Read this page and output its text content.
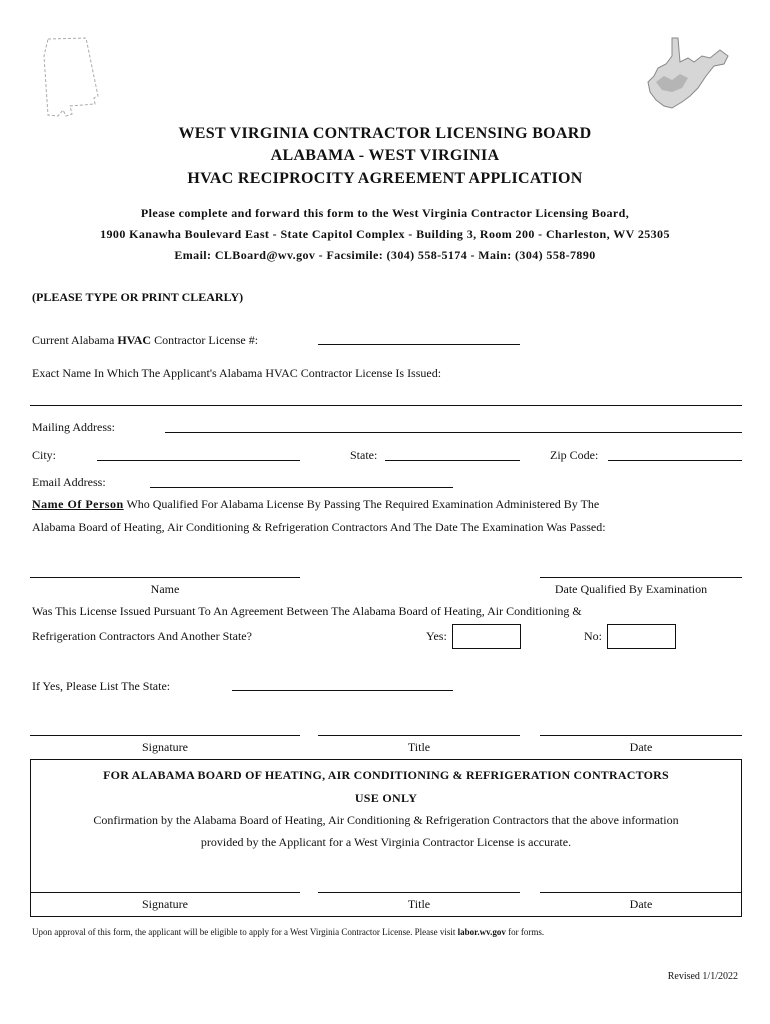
WEST VIRGINIA CONTRACTOR LICENSING BOARD
ALABAMA - WEST VIRGINIA
HVAC RECIPROCITY AGREEMENT APPLICATION
Please complete and forward this form to the West Virginia Contractor Licensing Board,
1900 Kanawha Boulevard East - State Capitol Complex - Building 3, Room 200 - Charleston, WV 25305
Email: CLBoard@wv.gov - Facsimile: (304) 558-5174 - Main: (304) 558-7890
(PLEASE TYPE OR PRINT CLEARLY)
Current Alabama HVAC Contractor License #:
Exact Name In Which The Applicant's Alabama HVAC Contractor License Is Issued:
Mailing Address:
City:	State:	Zip Code:
Email Address:
Name Of Person Who Qualified For Alabama License By Passing The Required Examination Administered By The
Alabama Board of Heating, Air Conditioning & Refrigeration Contractors And The Date The Examination Was Passed:
Name	Date Qualified By Examination
Was This License Issued Pursuant To An Agreement Between The Alabama Board of Heating, Air Conditioning &
Refrigeration Contractors And Another State?	Yes:	No:
If Yes, Please List The State:
Signature	Title	Date
FOR ALABAMA BOARD OF HEATING, AIR CONDITIONING & REFRIGERATION CONTRACTORS
USE ONLY
Confirmation by the Alabama Board of Heating, Air Conditioning & Refrigeration Contractors that the above information
provided by the Applicant for a West Virginia Contractor License is accurate.
Signature	Title	Date
Upon approval of this form, the applicant will be eligible to apply for a West Virginia Contractor License. Please visit labor.wv.gov for forms.
Revised 1/1/2022
